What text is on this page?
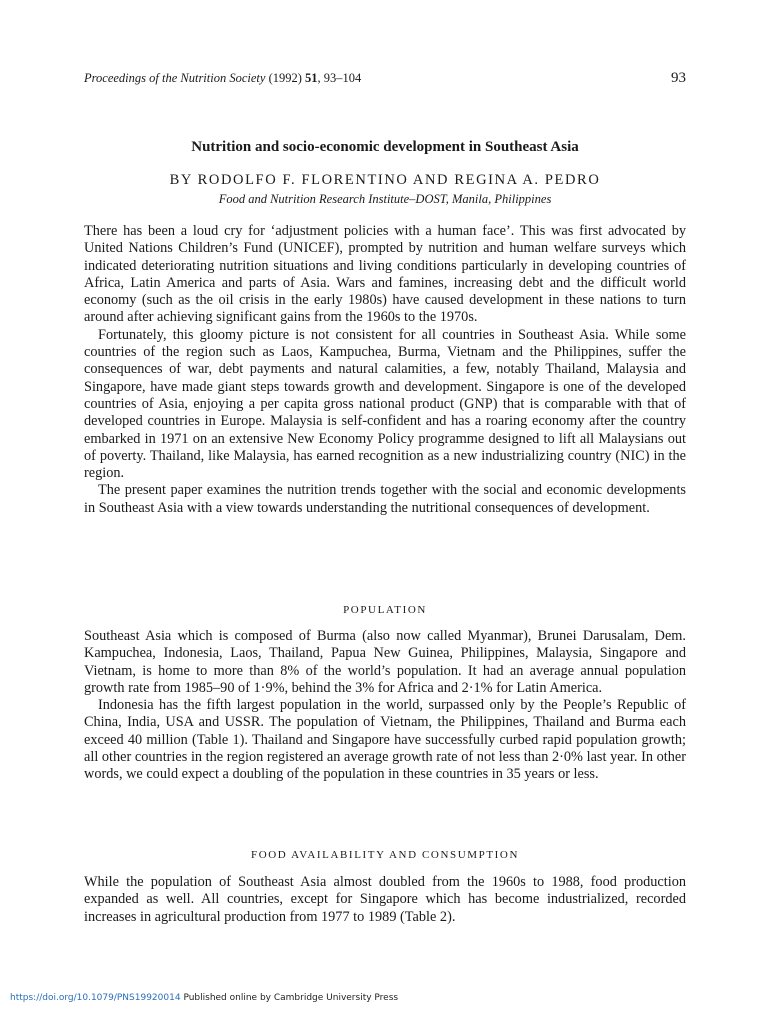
Proceedings of the Nutrition Society (1992) 51, 93–104	93
Nutrition and socio-economic development in Southeast Asia
BY RODOLFO F. FLORENTINO AND REGINA A. PEDRO
Food and Nutrition Research Institute–DOST, Manila, Philippines

There has been a loud cry for ‘adjustment policies with a human face’. This was first advocated by United Nations Children’s Fund (UNICEF), prompted by nutrition and human welfare surveys which indicated deteriorating nutrition situations and living conditions particularly in developing countries of Africa, Latin America and parts of Asia. Wars and famines, increasing debt and the difficult world economy (such as the oil crisis in the early 1980s) have caused development in these nations to turn around after achieving significant gains from the 1960s to the 1970s.

Fortunately, this gloomy picture is not consistent for all countries in Southeast Asia. While some countries of the region such as Laos, Kampuchea, Burma, Vietnam and the Philippines, suffer the consequences of war, debt payments and natural calamities, a few, notably Thailand, Malaysia and Singapore, have made giant steps towards growth and development. Singapore is one of the developed countries of Asia, enjoying a per capita gross national product (GNP) that is comparable with that of developed countries in Europe. Malaysia is self-confident and has a roaring economy after the country embarked in 1971 on an extensive New Economy Policy programme designed to lift all Malaysians out of poverty. Thailand, like Malaysia, has earned recognition as a new industrializing country (NIC) in the region.

The present paper examines the nutrition trends together with the social and economic developments in Southeast Asia with a view towards understanding the nutritional consequences of development.

POPULATION

Southeast Asia which is composed of Burma (also now called Myanmar), Brunei Darusalam, Dem. Kampuchea, Indonesia, Laos, Thailand, Papua New Guinea, Philippines, Malaysia, Singapore and Vietnam, is home to more than 8% of the world’s population. It had an average annual population growth rate from 1985–90 of 1·9%, behind the 3% for Africa and 2·1% for Latin America.

Indonesia has the fifth largest population in the world, surpassed only by the People’s Republic of China, India, USA and USSR. The population of Vietnam, the Philippines, Thailand and Burma each exceed 40 million (Table 1). Thailand and Singapore have successfully curbed rapid population growth; all other countries in the region registered an average growth rate of not less than 2·0% last year. In other words, we could expect a doubling of the population in these countries in 35 years or less.

FOOD AVAILABILITY AND CONSUMPTION

While the population of Southeast Asia almost doubled from the 1960s to 1988, food production expanded as well. All countries, except for Singapore which has become industrialized, recorded increases in agricultural production from 1977 to 1989 (Table 2).

https://doi.org/10.1079/PNS19920014 Published online by Cambridge University Press
